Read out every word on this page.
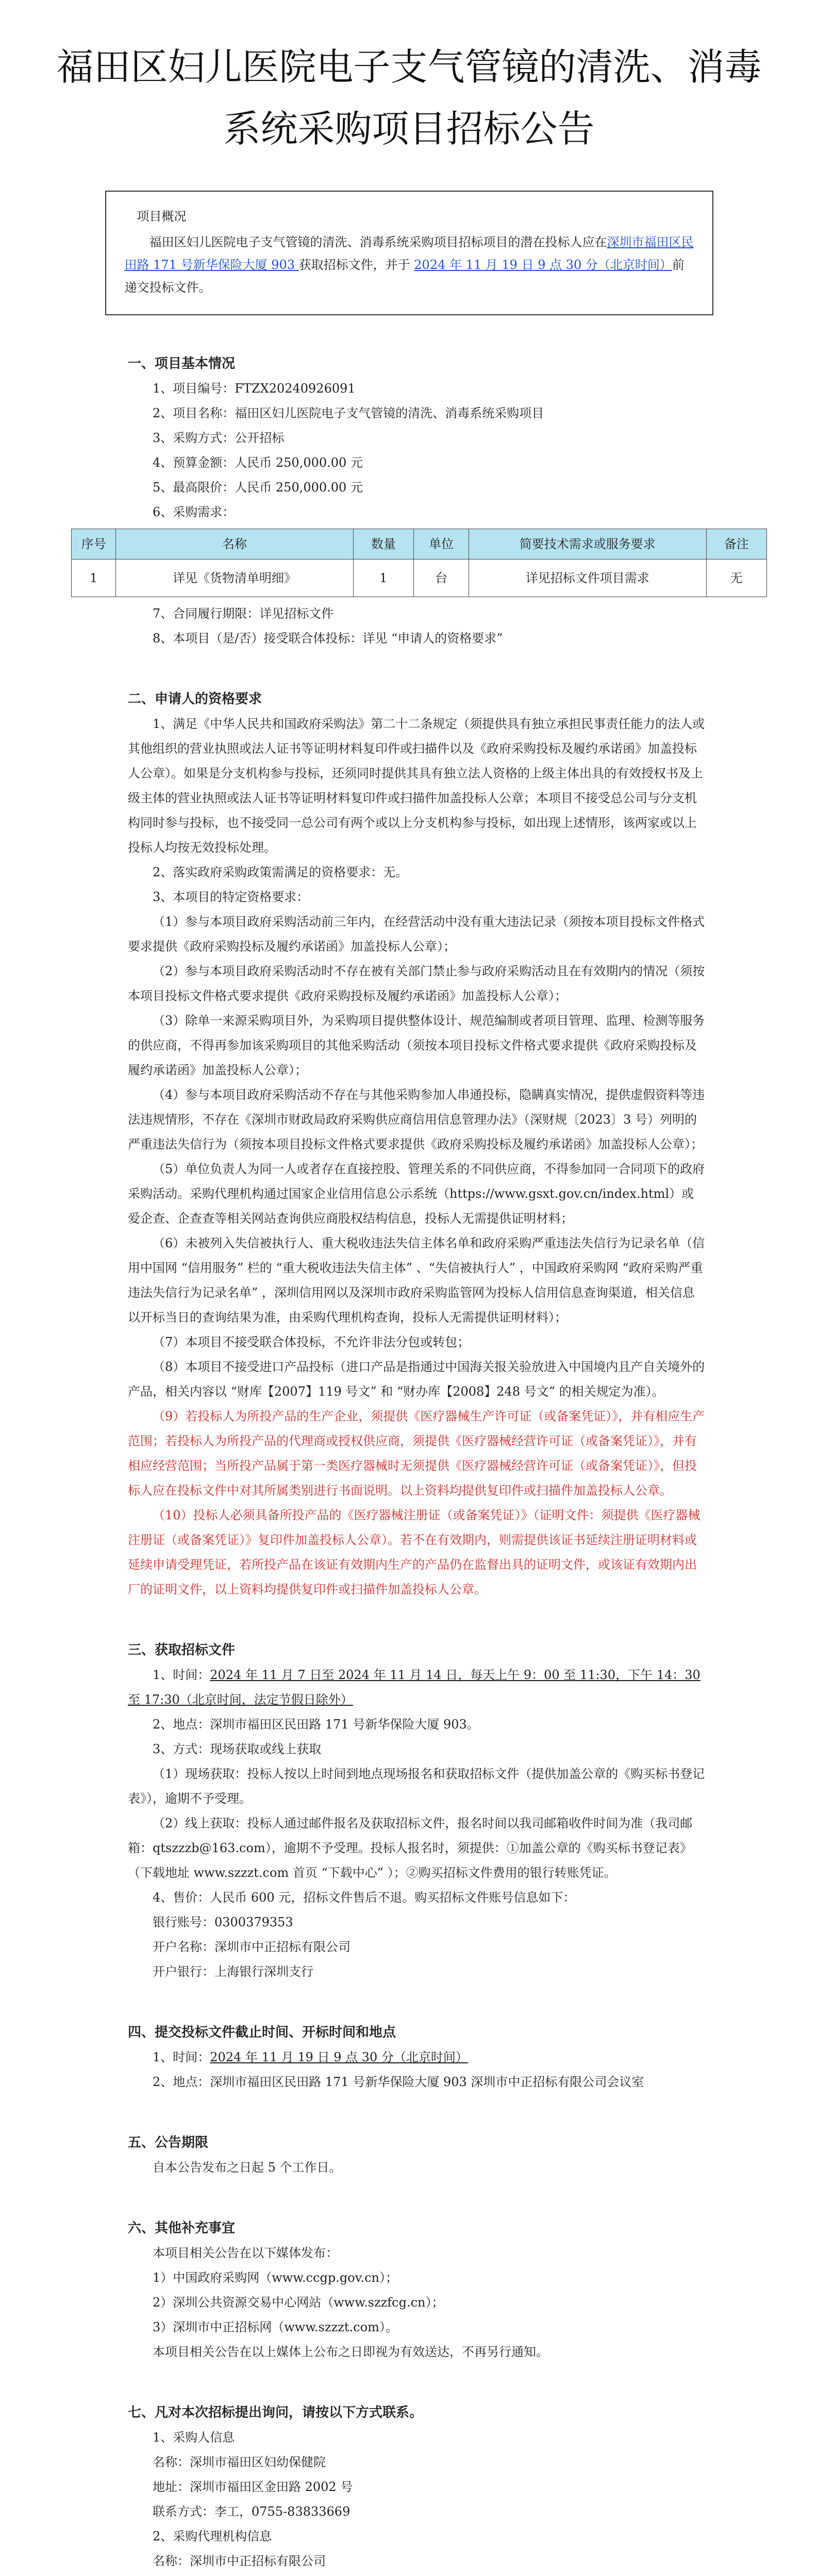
福田区妇儿医院电子支气管镜的清洗、消毒
系统采购项目招标公告
项目概况
福田区妇儿医院电子支气管镜的清洗、消毒系统采购项目招标项目的潜在投标人应在深圳市福田区民田路 171 号新华保险大厦 903 获取招标文件，并于 2024 年 11 月 19 日 9 点 30 分（北京时间）前递交投标文件。
一、项目基本情况

1、项目编号：FTZX20240926091

2、项目名称：福田区妇儿医院电子支气管镜的清洗、消毒系统采购项目

3、采购方式：公开招标

4、预算金额：人民币 250,000.00 元

5、最高限价：人民币 250,000.00 元

6、采购需求：

序号	名称	数量	单位	简要技术需求或服务要求	备注
1	详见《货物清单明细》	1	台	详见招标文件项目需求	无

7、合同履行期限：详见招标文件

8、本项目（是/否）接受联合体投标：详见 “申请人的资格要求”

二、申请人的资格要求

1、满足《中华人民共和国政府采购法》第二十二条规定（须提供具有独立承担民事责任能力的法人或其他组织的营业执照或法人证书等证明材料复印件或扫描件以及《政府采购投标及履约承诺函》加盖投标人公章）。如果是分支机构参与投标，还须同时提供其具有独立法人资格的上级主体出具的有效授权书及上级主体的营业执照或法人证书等证明材料复印件或扫描件加盖投标人公章；本项目不接受总公司与分支机构同时参与投标，也不接受同一总公司有两个或以上分支机构参与投标，如出现上述情形，该两家或以上投标人均按无效投标处理。

2、落实政府采购政策需满足的资格要求：无。

3、本项目的特定资格要求：

（1）参与本项目政府采购活动前三年内，在经营活动中没有重大违法记录（须按本项目投标文件格式要求提供《政府采购投标及履约承诺函》加盖投标人公章）；

（2）参与本项目政府采购活动时不存在被有关部门禁止参与政府采购活动且在有效期内的情况（须按本项目投标文件格式要求提供《政府采购投标及履约承诺函》加盖投标人公章）；

（3）除单一来源采购项目外，为采购项目提供整体设计、规范编制或者项目管理、监理、检测等服务的供应商，不得再参加该采购项目的其他采购活动（须按本项目投标文件格式要求提供《政府采购投标及履约承诺函》加盖投标人公章）；

（4）参与本项目政府采购活动不存在与其他采购参加人串通投标，隐瞒真实情况，提供虚假资料等违法违规情形，不存在《深圳市财政局政府采购供应商信用信息管理办法》（深财规〔2023〕3 号）列明的严重违法失信行为（须按本项目投标文件格式要求提供《政府采购投标及履约承诺函》加盖投标人公章）；

（5）单位负责人为同一人或者存在直接控股、管理关系的不同供应商，不得参加同一合同项下的政府采购活动。采购代理机构通过国家企业信用信息公示系统（https://www.gsxt.gov.cn/index.html）或爱企查、企查查等相关网站查询供应商股权结构信息，投标人无需提供证明材料；

（6）未被列入失信被执行人、重大税收违法失信主体名单和政府采购严重违法失信行为记录名单（信用中国网 “信用服务” 栏的 “重大税收违法失信主体” 、“失信被执行人” ，中国政府采购网 “政府采购严重违法失信行为记录名单” ，深圳信用网以及深圳市政府采购监管网为投标人信用信息查询渠道，相关信息以开标当日的查询结果为准，由采购代理机构查询，投标人无需提供证明材料）；

（7）本项目不接受联合体投标，不允许非法分包或转包；

（8）本项目不接受进口产品投标（进口产品是指通过中国海关报关验放进入中国境内且产自关境外的产品，相关内容以 “财库【2007】119 号文” 和 “财办库【2008】248 号文” 的相关规定为准）。

（9）若投标人为所投产品的生产企业，须提供《医疗器械生产许可证（或备案凭证）》，并有相应生产范围；若投标人为所投产品的代理商或授权供应商，须提供《医疗器械经营许可证（或备案凭证）》，并有相应经营范围；当所投产品属于第一类医疗器械时无须提供《医疗器械经营许可证（或备案凭证）》，但投标人应在投标文件中对其所属类别进行书面说明。以上资料均提供复印件或扫描件加盖投标人公章。

（10）投标人必须具备所投产品的《医疗器械注册证（或备案凭证）》（证明文件：须提供《医疗器械注册证（或备案凭证）》复印件加盖投标人公章）。若不在有效期内，则需提供该证书延续注册证明材料或延续申请受理凭证，若所投产品在该证有效期内生产的产品仍在监督出具的证明文件，或该证有效期内出厂的证明文件，以上资料均提供复印件或扫描件加盖投标人公章。

三、获取招标文件

1、时间：2024 年 11 月 7 日至 2024 年 11 月 14 日，每天上午 9：00 至 11:30，下午 14：30 至 17:30（北京时间，法定节假日除外）

2、地点：深圳市福田区民田路 171 号新华保险大厦 903。

3、方式：现场获取或线上获取

（1）现场获取：投标人按以上时间到地点现场报名和获取招标文件（提供加盖公章的《购买标书登记表》），逾期不予受理。

（2）线上获取：投标人通过邮件报名及获取招标文件，报名时间以我司邮箱收件时间为准（我司邮箱：qtszzzb@163.com），逾期不予受理。投标人报名时，须提供：①加盖公章的《购买标书登记表》（下载地址 www.szzzt.com 首页 “下载中心” ）；②购买招标文件费用的银行转账凭证。

4、售价：人民币 600 元，招标文件售后不退。购买招标文件账号信息如下：

银行账号：0300379353

开户名称：深圳市中正招标有限公司

开户银行：上海银行深圳支行

四、提交投标文件截止时间、开标时间和地点

1、时间：2024 年 11 月 19 日 9 点 30 分（北京时间）

2、地点：深圳市福田区民田路 171 号新华保险大厦 903 深圳市中正招标有限公司会议室

五、公告期限

自本公告发布之日起 5 个工作日。

六、其他补充事宜

本项目相关公告在以下媒体发布：

1）中国政府采购网（www.ccgp.gov.cn）；

2）深圳公共资源交易中心网站（www.szzfcg.cn）；

3）深圳市中正招标网（www.szzzt.com）。

本项目相关公告在以上媒体上公布之日即视为有效送达，不再另行通知。

七、凡对本次招标提出询问，请按以下方式联系。

1、采购人信息

名称：深圳市福田区妇幼保健院

地址：深圳市福田区金田路 2002 号

联系方式：李工，0755-83833669

2、采购代理机构信息

名称：深圳市中正招标有限公司
